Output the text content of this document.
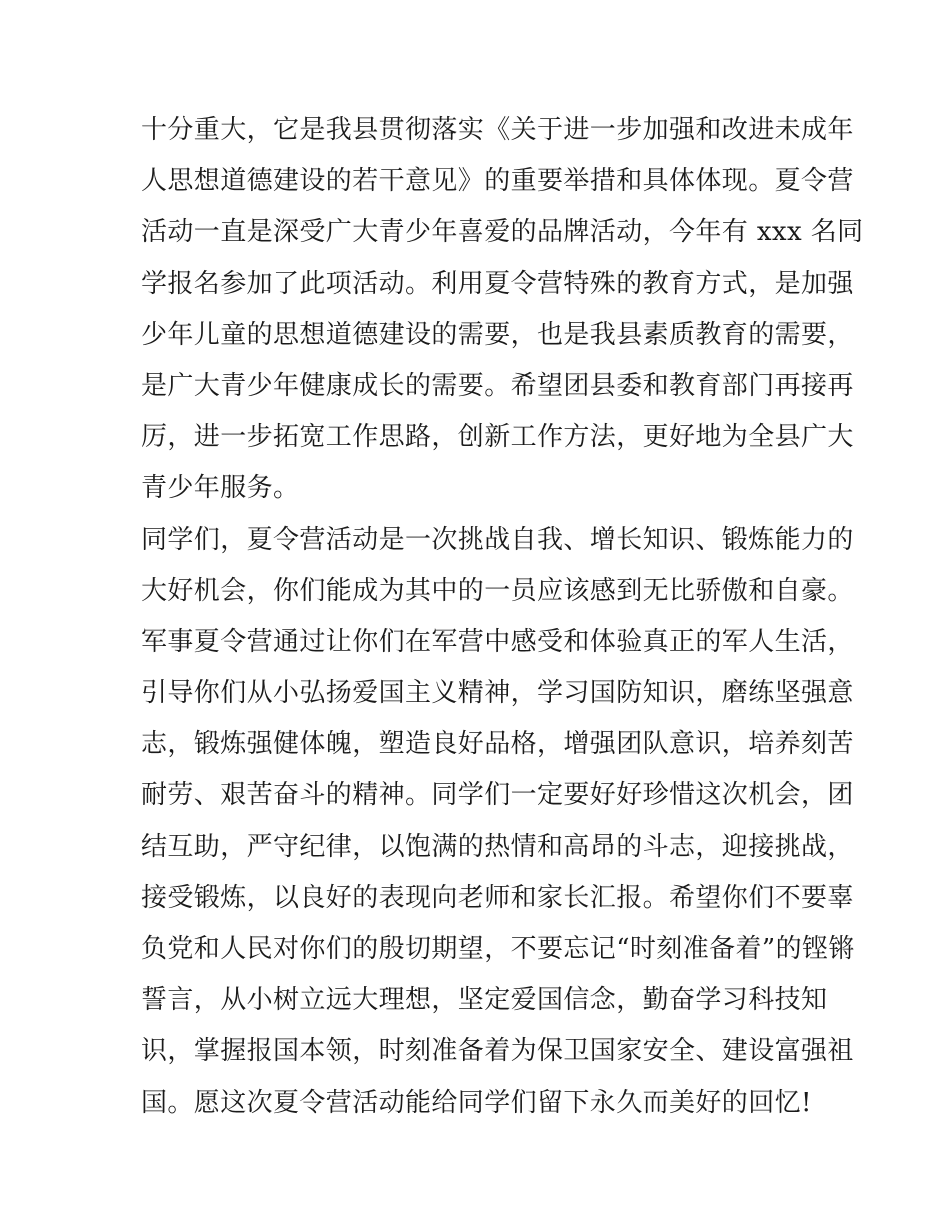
十分重大，它是我县贯彻落实《关于进一步加强和改进未成年
人思想道德建设的若干意见》的重要举措和具体体现。夏令营
活动一直是深受广大青少年喜爱的品牌活动，今年有 xxx 名同
学报名参加了此项活动。利用夏令营特殊的教育方式，是加强
少年儿童的思想道德建设的需要，也是我县素质教育的需要，
是广大青少年健康成长的需要。希望团县委和教育部门再接再
厉，进一步拓宽工作思路，创新工作方法，更好地为全县广大
青少年服务。
同学们，夏令营活动是一次挑战自我、增长知识、锻炼能力的
大好机会，你们能成为其中的一员应该感到无比骄傲和自豪。
军事夏令营通过让你们在军营中感受和体验真正的军人生活，
引导你们从小弘扬爱国主义精神，学习国防知识，磨练坚强意
志，锻炼强健体魄，塑造良好品格，增强团队意识，培养刻苦
耐劳、艰苦奋斗的精神。同学们一定要好好珍惜这次机会，团
结互助，严守纪律，以饱满的热情和高昂的斗志，迎接挑战，
接受锻炼，以良好的表现向老师和家长汇报。希望你们不要辜
负党和人民对你们的殷切期望，不要忘记“时刻准备着”的铿锵
誓言，从小树立远大理想，坚定爱国信念，勤奋学习科技知
识，掌握报国本领，时刻准备着为保卫国家安全、建设富强祖
国。愿这次夏令营活动能给同学们留下永久而美好的回忆!
